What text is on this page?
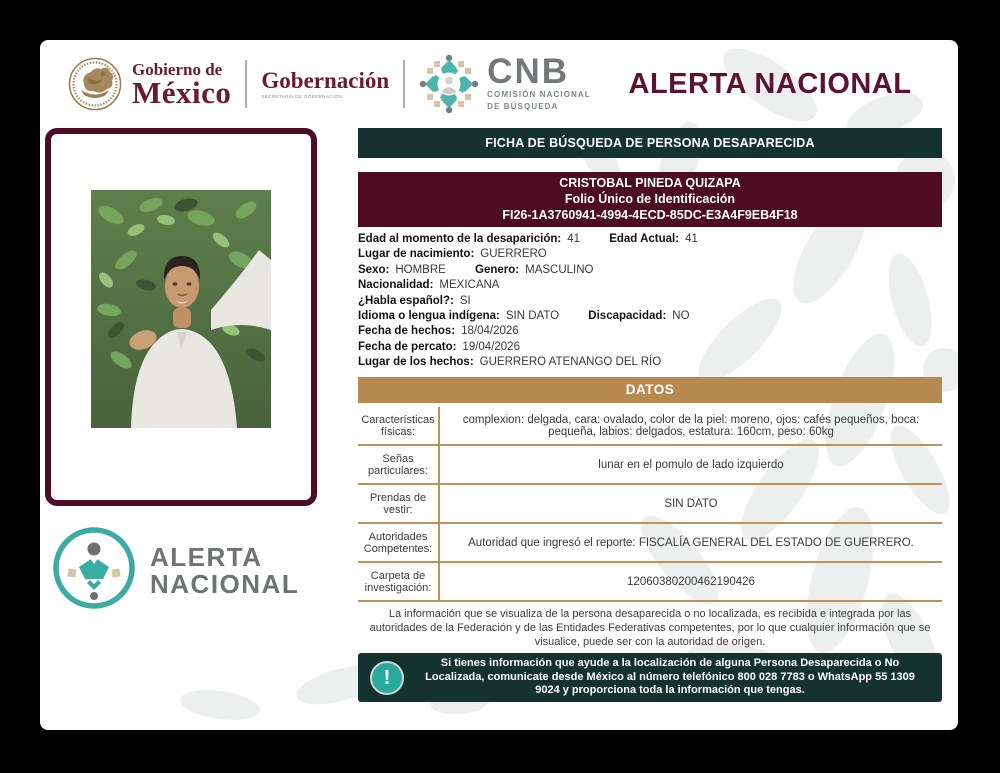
Gobierno de
México Gobernación
SECRETARÍA DE GOBERNACIÓN
CNB
COMISIÓN NACIONAL
DE BÚSQUEDA
ALERTA NACIONAL
ALERTA
NACIONAL
FICHA DE BÚSQUEDA DE PERSONA DESAPARECIDA
CRISTOBAL PINEDA QUIZAPA
Folio Único de Identificación
FI26-1A3760941-4994-4ECD-85DC-E3A4F9EB4F18
Edad al momento de la desaparición: 41	Edad Actual: 41
Lugar de nacimiento: GUERRERO
Sexo: HOMBRE	Genero: MASCULINO
Nacionalidad: MEXICANA
¿Habla español?: SI
Idioma o lengua indígena: SIN DATO	Discapacidad: NO
Fecha de hechos: 18/04/2026
Fecha de percato: 19/04/2026
Lugar de los hechos: GUERRERO ATENANGO DEL RÍO
DATOS
Características físicas:
complexion: delgada, cara: ovalado, color de la piel: moreno, ojos: cafés pequeños, boca: pequeña, labios: delgados, estatura: 160cm, peso: 60kg
Señas particulares:	lunar en el pomulo de lado izquierdo
Prendas de vestir:	SIN DATO
Autoridades Competentes:	Autoridad que ingresó el reporte: FISCALÍA GENERAL DEL ESTADO DE GUERRERO.
Carpeta de investigación:	12060380200462190426
La información que se visualiza de la persona desaparecida o no localizada, es recibida e integrada por las autoridades de la Federación y de las Entidades Federativas competentes, por lo que cualquier información que se visualice, puede ser con la autoridad de origen.
!
Si tienes información que ayude a la localización de alguna Persona Desaparecida o No Localizada, comunicate desde México al número telefónico 800 028 7783 o WhatsApp 55 1309 9024 y proporciona toda la información que tengas.
